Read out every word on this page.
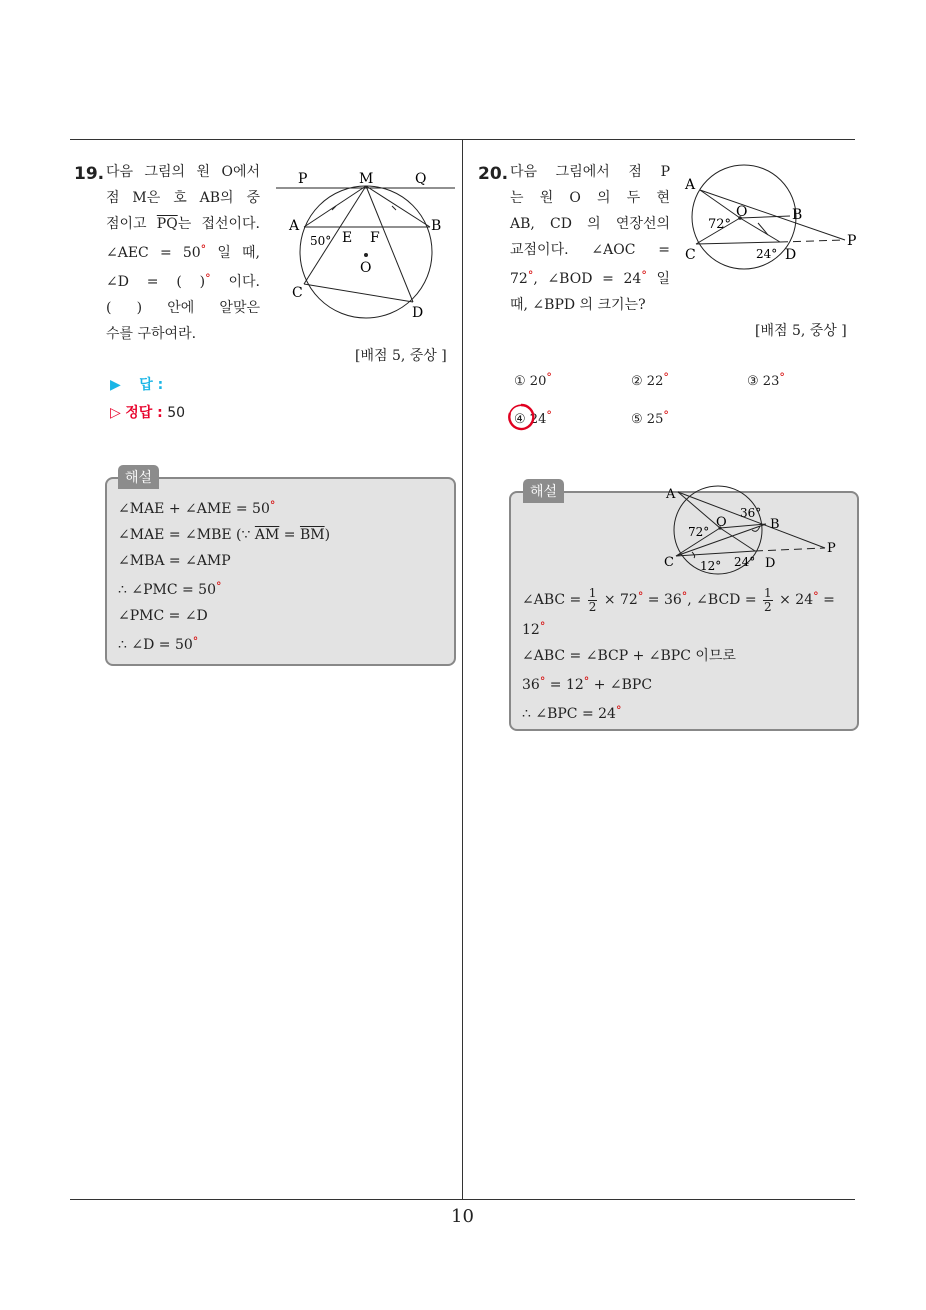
19. 다음 그림의 원 O에서
점 M은 호 AB의 중
점이고 $\overline{PQ}$는 접선이다.
∠AEC = 50° 일 때,
∠D = ( )° 이다.
( ) 안에 알맞은
수를 구하여라.
P	M	Q
A	B
50° E F
O
C
D
[배점 5, 중상 ]
▶ 답 :
▷ 정답 : 50
해설
∠MAE + ∠AME = 50°
∠MAE = ∠MBE (∵ $\overline{AM} = \overline{BM}$)
∠MBA = ∠AMP
∴ ∠PMC = 50°
∠PMC = ∠D
∴ ∠D = 50°
20. 다음 그림에서 점 P
는 원 O 의 두 현
AB, CD 의 연장선의
교점이다. ∠AOC =
72°, ∠BOD = 24° 일
때, ∠BPD 의 크기는?
A
O
72°
B
C	24° D
P
[배점 5, 중상 ]
① 20°	② 22°	③ 23°
④ 24°	⑤ 25°
해설	A
O
36°
B
72°
C 12° 24° D
P
∠ABC = $\frac{1}{2} \times 72^\circ = 36^\circ$, ∠BCD = $\frac{1}{2} \times 24^\circ$ =
12°
∠ABC = ∠BCP + ∠BPC 이므로
36° = 12° + ∠BPC
∴ ∠BPC = 24°
10
